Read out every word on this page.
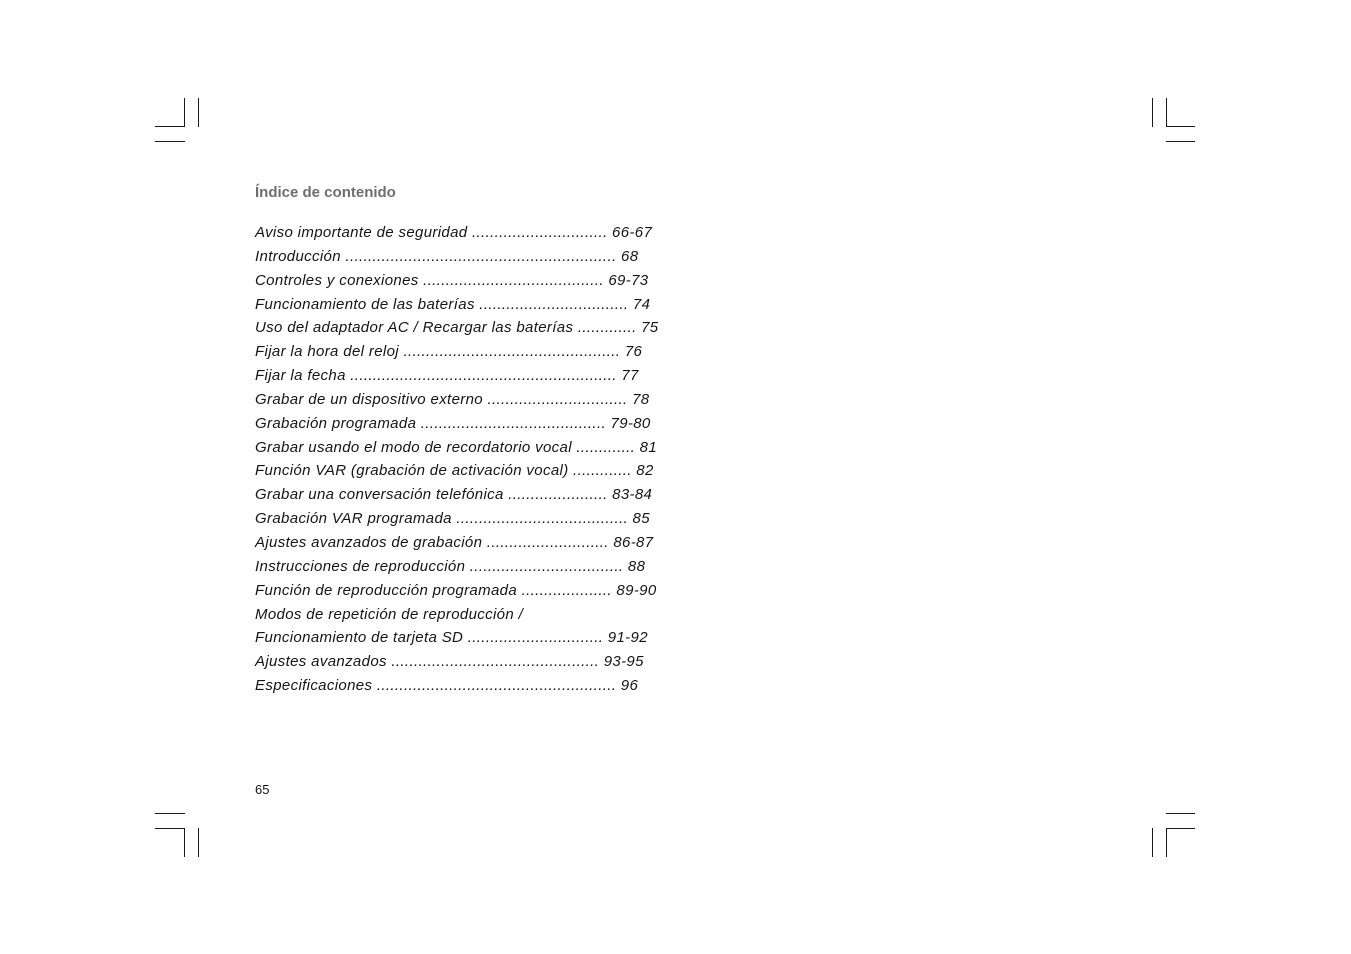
Índice de contenido
Aviso importante de seguridad .............................. 66-67
Introducción ............................................................ 68
Controles y conexiones ........................................ 69-73
Funcionamiento de las baterías ................................. 74
Uso del adaptador AC / Recargar las baterías ............. 75
Fijar la hora del reloj ................................................ 76
Fijar la fecha ........................................................... 77
Grabar de un dispositivo externo ............................... 78
Grabación programada ......................................... 79-80
Grabar usando el modo de recordatorio vocal ............. 81
Función VAR (grabación de activación vocal) ............. 82
Grabar una conversación telefónica ...................... 83-84
Grabación VAR programada ...................................... 85
Ajustes avanzados de grabación ........................... 86-87
Instrucciones de reproducción .................................. 88
Función de reproducción programada .................... 89-90
Modos de repetición de reproducción /
Funcionamiento de tarjeta SD .............................. 91-92
Ajustes avanzados .............................................. 93-95
Especificaciones ..................................................... 96
65
